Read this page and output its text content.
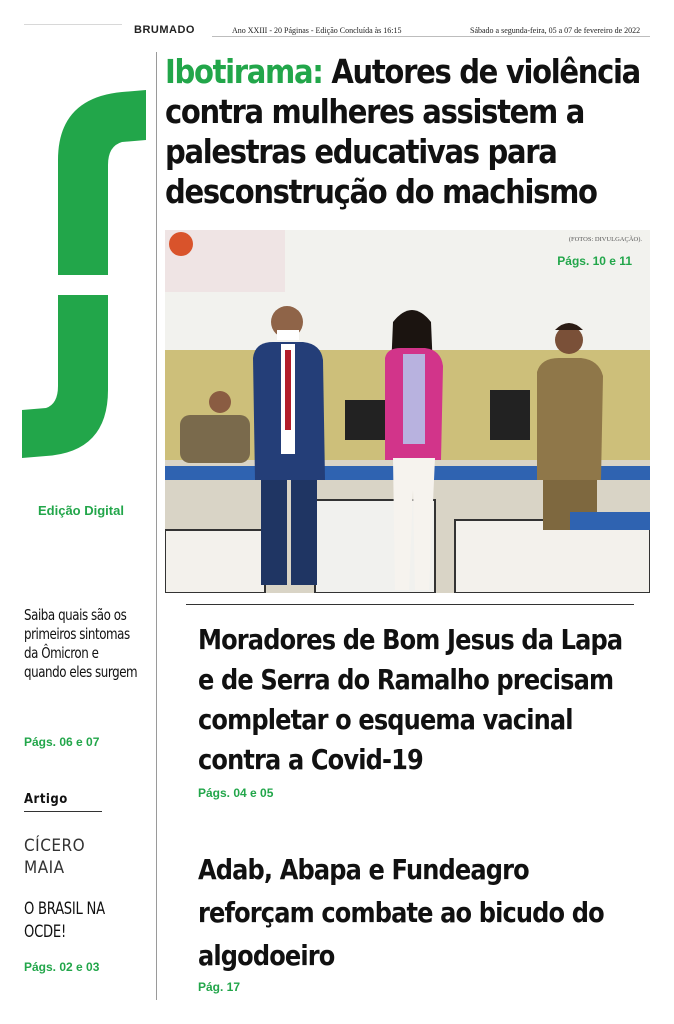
BRUMADO	Ano XXIII - 20 Páginas - Edição Concluída às 16:15	Sábado a segunda-feira, 05 a 07 de fevereiro de 2022
Edição Digital
Ibotirama: Autores de violência contra mulheres assistem a palestras educativas para desconstrução do machismo
(FOTOS: DIVULGAÇÃO).
Págs. 10 e 11
Moradores de Bom Jesus da Lapa e de Serra do Ramalho precisam completar o esquema vacinal contra a Covid-19
Págs. 04 e 05
Adab, Abapa e Fundeagro reforçam combate ao bicudo do algodoeiro
Pág. 17
Saiba quais são os primeiros sintomas da Ômicron e quando eles surgem
Págs. 06 e 07
Artigo
CÍCERO
MAIA
O BRASIL NA OCDE!
Págs. 02 e 03
